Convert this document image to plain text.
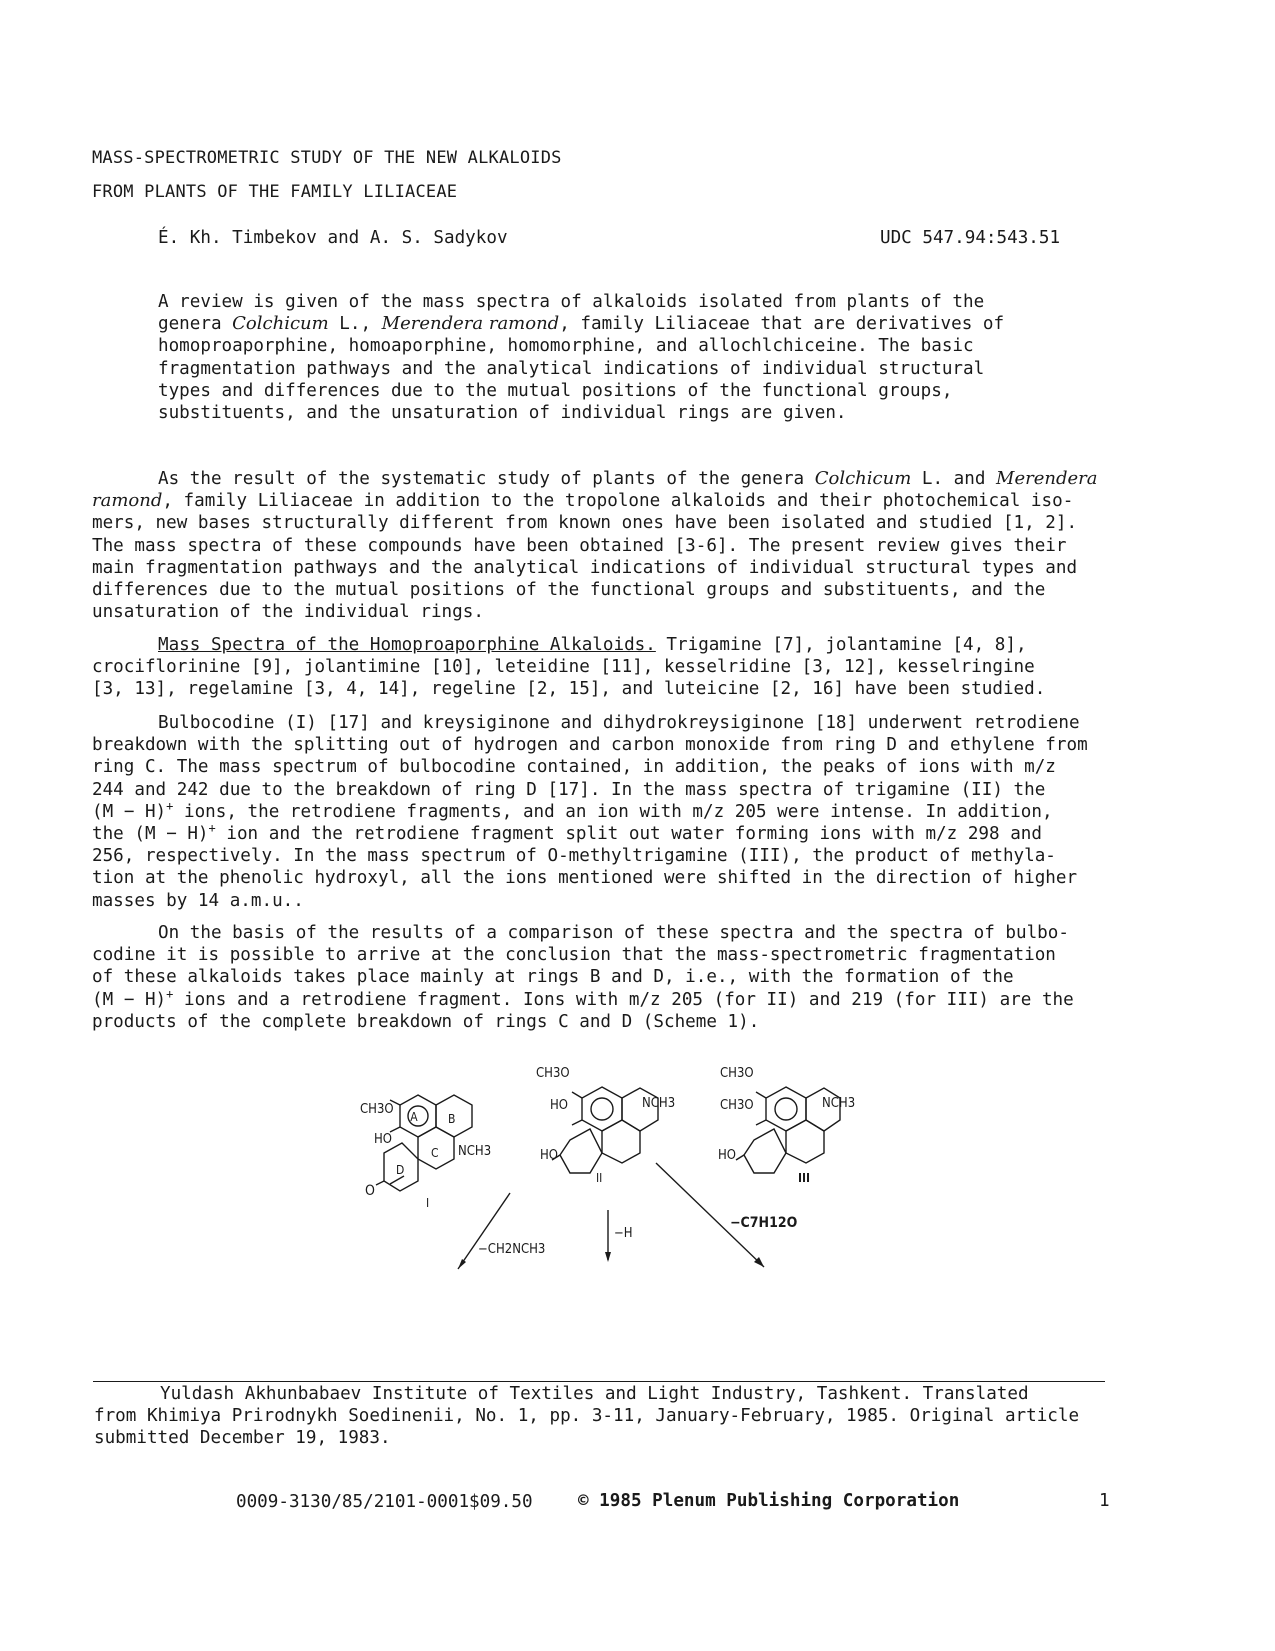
MASS-SPECTROMETRIC STUDY OF THE NEW ALKALOIDS
FROM PLANTS OF THE FAMILY LILIACEAE
É. Kh. Timbekov and A. S. Sadykov	UDC 547.94:543.51

A review is given of the mass spectra of alkaloids isolated from plants of the

genera Colchicum L., Merendera ramond, family Liliaceae that are derivatives of

homoproaporphine, homoaporphine, homomorphine, and allochlchiceine. The basic

fragmentation pathways and the analytical indications of individual structural

types and differences due to the mutual positions of the functional groups,

substituents, and the unsaturation of individual rings are given.

As the result of the systematic study of plants of the genera Colchicum L. and Merendera

ramond, family Liliaceae in addition to the tropolone alkaloids and their photochemical iso-

mers, new bases structurally different from known ones have been isolated and studied [1, 2].

The mass spectra of these compounds have been obtained [3-6]. The present review gives their

main fragmentation pathways and the analytical indications of individual structural types and

differences due to the mutual positions of the functional groups and substituents, and the

unsaturation of the individual rings.

Mass Spectra of the Homoproaporphine Alkaloids. Trigamine [7], jolantamine [4, 8],

crociflorinine [9], jolantimine [10], leteidine [11], kesselridine [3, 12], kesselringine

[3, 13], regelamine [3, 4, 14], regeline [2, 15], and luteicine [2, 16] have been studied.

Bulbocodine (I) [17] and kreysiginone and dihydrokreysiginone [18] underwent retrodiene

breakdown with the splitting out of hydrogen and carbon monoxide from ring D and ethylene from

ring C. The mass spectrum of bulbocodine contained, in addition, the peaks of ions with m/z

244 and 242 due to the breakdown of ring D [17]. In the mass spectra of trigamine (II) the

(M − H)+ ions, the retrodiene fragments, and an ion with m/z 205 were intense. In addition,

the (M − H)+ ion and the retrodiene fragment split out water forming ions with m/z 298 and

256, respectively. In the mass spectrum of O-methyltrigamine (III), the product of methyla-

tion at the phenolic hydroxyl, all the ions mentioned were shifted in the direction of higher

masses by 14 a.m.u..

On the basis of the results of a comparison of these spectra and the spectra of bulbo-

codine it is possible to arrive at the conclusion that the mass-spectrometric fragmentation

of these alkaloids takes place mainly at rings B and D, i.e., with the formation of the

(M − H)+ ions and a retrodiene fragment. Ions with m/z 205 (for II) and 219 (for III) are the

products of the complete breakdown of rings C and D (Scheme 1).

CH3O
HO
NCH3
A	B
C
D
O
I
CH3O
HO	NCH3
HO
II
CH3O
CH3O	NCH3
HO
III
−CH2NCH3
−H
−C7H12O

Yuldash Akhunbabaev Institute of Textiles and Light Industry, Tashkent. Translated

from Khimiya Prirodnykh Soedinenii, No. 1, pp. 3-11, January-February, 1985. Original article

submitted December 19, 1983.

0009-3130/85/2101-0001$09.50	© 1985 Plenum Publishing Corporation	1
